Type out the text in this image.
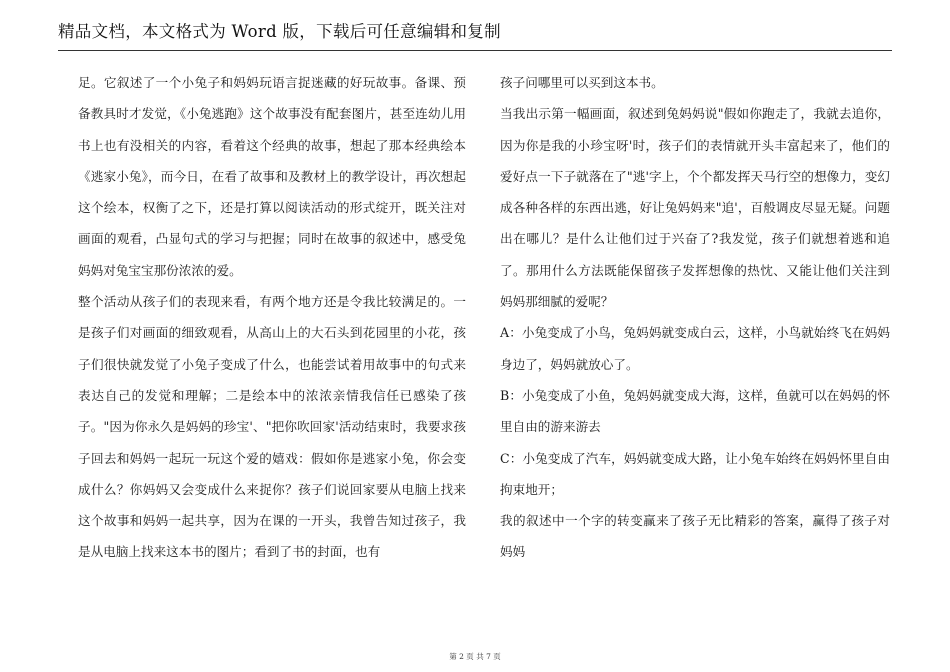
精品文档，本文格式为 Word 版，下载后可任意编辑和复制

足。它叙述了一个小兔子和妈妈玩语言捉迷藏的好玩故事。备课、预备教具时才发觉，《小兔逃跑》这个故事没有配套图片，甚至连幼儿用书上也有没相关的内容，看着这个经典的故事，想起了那本经典绘本《逃家小兔》，而今日，在看了故事和及教材上的教学设计，再次想起这个绘本，权衡了之下，还是打算以阅读活动的形式绽开，既关注对画面的观看，凸显句式的学习与把握；同时在故事的叙述中，感受兔妈妈对兔宝宝那份浓浓的爱。

整个活动从孩子们的表现来看，有两个地方还是令我比较满足的。一是孩子们对画面的细致观看，从高山上的大石头到花园里的小花，孩子们很快就发觉了小兔子变成了什么，也能尝试着用故事中的句式来表达自己的发觉和理解；二是绘本中的浓浓亲情我信任已感染了孩子。"因为你永久是妈妈的珍宝'、"把你吹回家'活动结束时，我要求孩子回去和妈妈一起玩一玩这个爱的嬉戏：假如你是逃家小兔，你会变成什么？你妈妈又会变成什么来捉你？孩子们说回家要从电脑上找来这个故事和妈妈一起共享，因为在课的一开头，我曾告知过孩子，我是从电脑上找来这本书的图片；看到了书的封面，也有

孩子问哪里可以买到这本书。

当我出示第一幅画面，叙述到兔妈妈说"假如你跑走了，我就去追你，因为你是我的小珍宝呀'时，孩子们的表情就开头丰富起来了，他们的爱好点一下子就落在了"逃'字上，个个都发挥天马行空的想像力，变幻成各种各样的东西出逃，好让兔妈妈来"追'，百般调皮尽显无疑。问题出在哪儿？是什么让他们过于兴奋了?我发觉，孩子们就想着逃和追了。那用什么方法既能保留孩子发挥想像的热忱、又能让他们关注到妈妈那细腻的爱呢？

A：小兔变成了小鸟，兔妈妈就变成白云，这样，小鸟就始终飞在妈妈身边了，妈妈就放心了。

B：小兔变成了小鱼，兔妈妈就变成大海，这样，鱼就可以在妈妈的怀里自由的游来游去

C：小兔变成了汽车，妈妈就变成大路，让小兔车始终在妈妈怀里自由拘束地开；

我的叙述中一个字的转变赢来了孩子无比精彩的答案，赢得了孩子对妈妈

第 2 页 共 7 页
